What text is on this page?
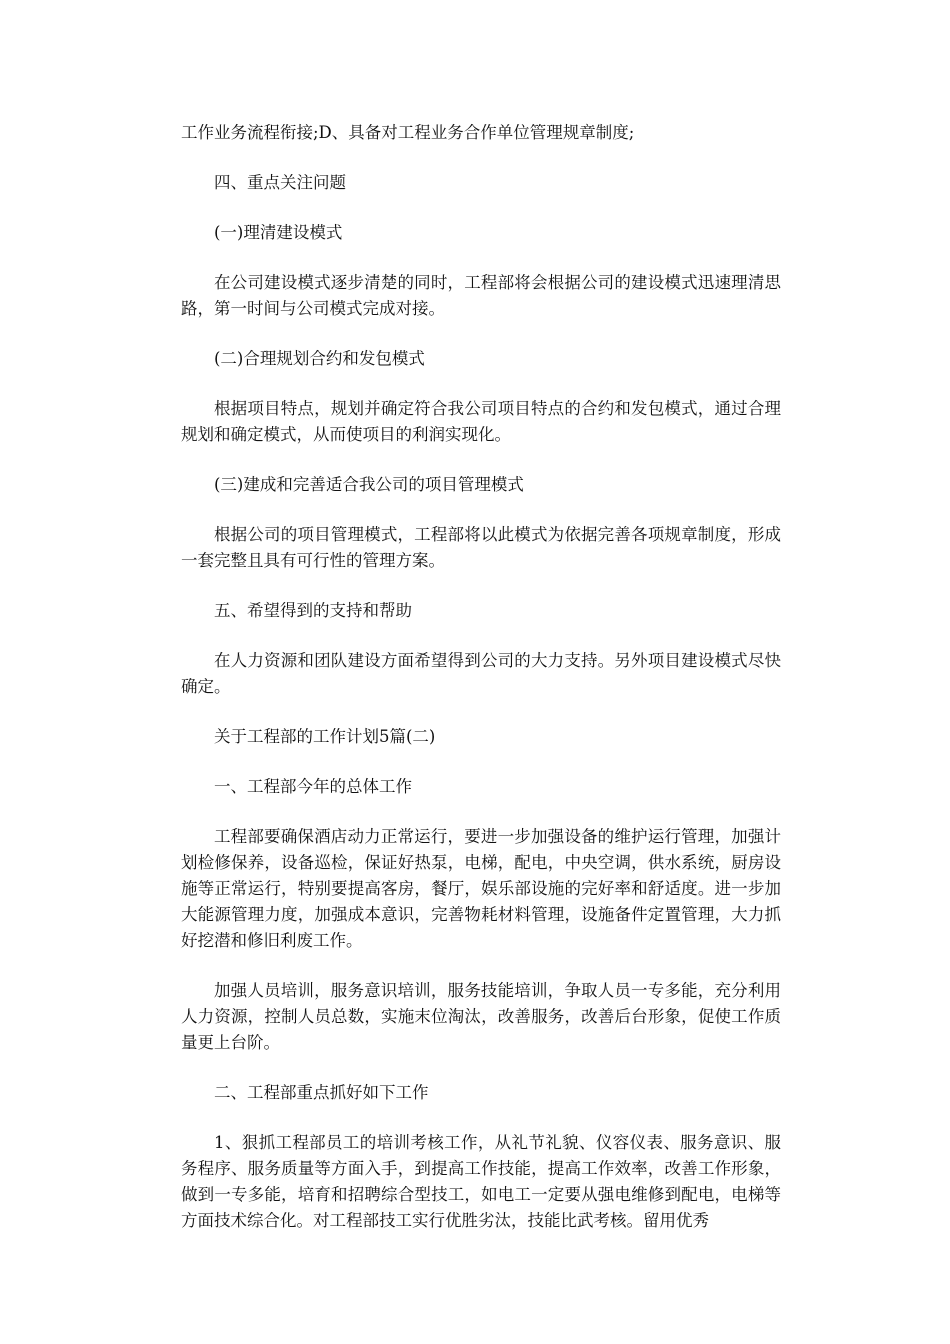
工作业务流程衔接;D、具备对工程业务合作单位管理规章制度;

四、重点关注问题

(一)理清建设模式

在公司建设模式逐步清楚的同时，工程部将会根据公司的建设模式迅速理清思路，第一时间与公司模式完成对接。

(二)合理规划合约和发包模式

根据项目特点，规划并确定符合我公司项目特点的合约和发包模式，通过合理规划和确定模式，从而使项目的利润实现化。

(三)建成和完善适合我公司的项目管理模式

根据公司的项目管理模式，工程部将以此模式为依据完善各项规章制度，形成一套完整且具有可行性的管理方案。

五、希望得到的支持和帮助

在人力资源和团队建设方面希望得到公司的大力支持。另外项目建设模式尽快确定。

关于工程部的工作计划5篇(二)

一、工程部今年的总体工作

工程部要确保酒店动力正常运行，要进一步加强设备的维护运行管理，加强计划检修保养，设备巡检，保证好热泵，电梯，配电，中央空调，供水系统，厨房设施等正常运行，特别要提高客房，餐厅，娱乐部设施的完好率和舒适度。进一步加大能源管理力度，加强成本意识，完善物耗材料管理，设施备件定置管理，大力抓好挖潜和修旧利废工作。

加强人员培训，服务意识培训，服务技能培训，争取人员一专多能，充分利用人力资源，控制人员总数，实施末位淘汰，改善服务，改善后台形象，促使工作质量更上台阶。

二、工程部重点抓好如下工作

1、狠抓工程部员工的培训考核工作，从礼节礼貌、仪容仪表、服务意识、服务程序、服务质量等方面入手，到提高工作技能，提高工作效率，改善工作形象，做到一专多能，培育和招聘综合型技工，如电工一定要从强电维修到配电，电梯等方面技术综合化。对工程部技工实行优胜劣汰，技能比武考核。留用优秀
